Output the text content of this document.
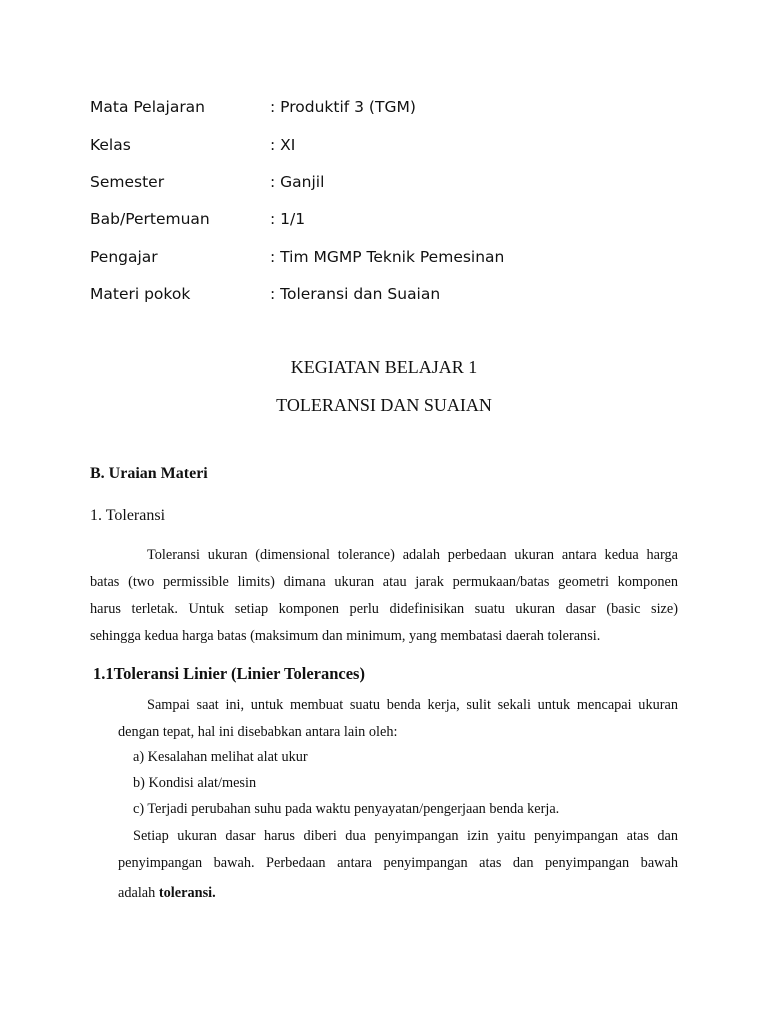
Mata Pelajaran	: Produktif 3 (TGM)
Kelas	: XI
Semester	: Ganjil
Bab/Pertemuan	: 1/1
Pengajar	: Tim MGMP Teknik Pemesinan
Materi pokok	: Toleransi dan Suaian
KEGIATAN BELAJAR 1
TOLERANSI DAN SUAIAN
B. Uraian Materi
1. Toleransi
Toleransi ukuran (dimensional tolerance) adalah perbedaan ukuran antara kedua harga
batas (two permissible limits) dimana ukuran atau jarak permukaan/batas geometri komponen
harus terletak. Untuk setiap komponen perlu didefinisikan suatu ukuran dasar (basic size)
sehingga kedua harga batas (maksimum dan minimum, yang membatasi daerah toleransi.
1.1Toleransi Linier (Linier Tolerances)
Sampai saat ini, untuk membuat suatu benda kerja, sulit sekali untuk mencapai ukuran
dengan tepat, hal ini disebabkan antara lain oleh:
a) Kesalahan melihat alat ukur
b) Kondisi alat/mesin
c) Terjadi perubahan suhu pada waktu penyayatan/pengerjaan benda kerja.
Setiap ukuran dasar harus diberi dua penyimpangan izin yaitu penyimpangan atas dan
penyimpangan bawah. Perbedaan antara penyimpangan atas dan penyimpangan bawah
adalah toleransi.
